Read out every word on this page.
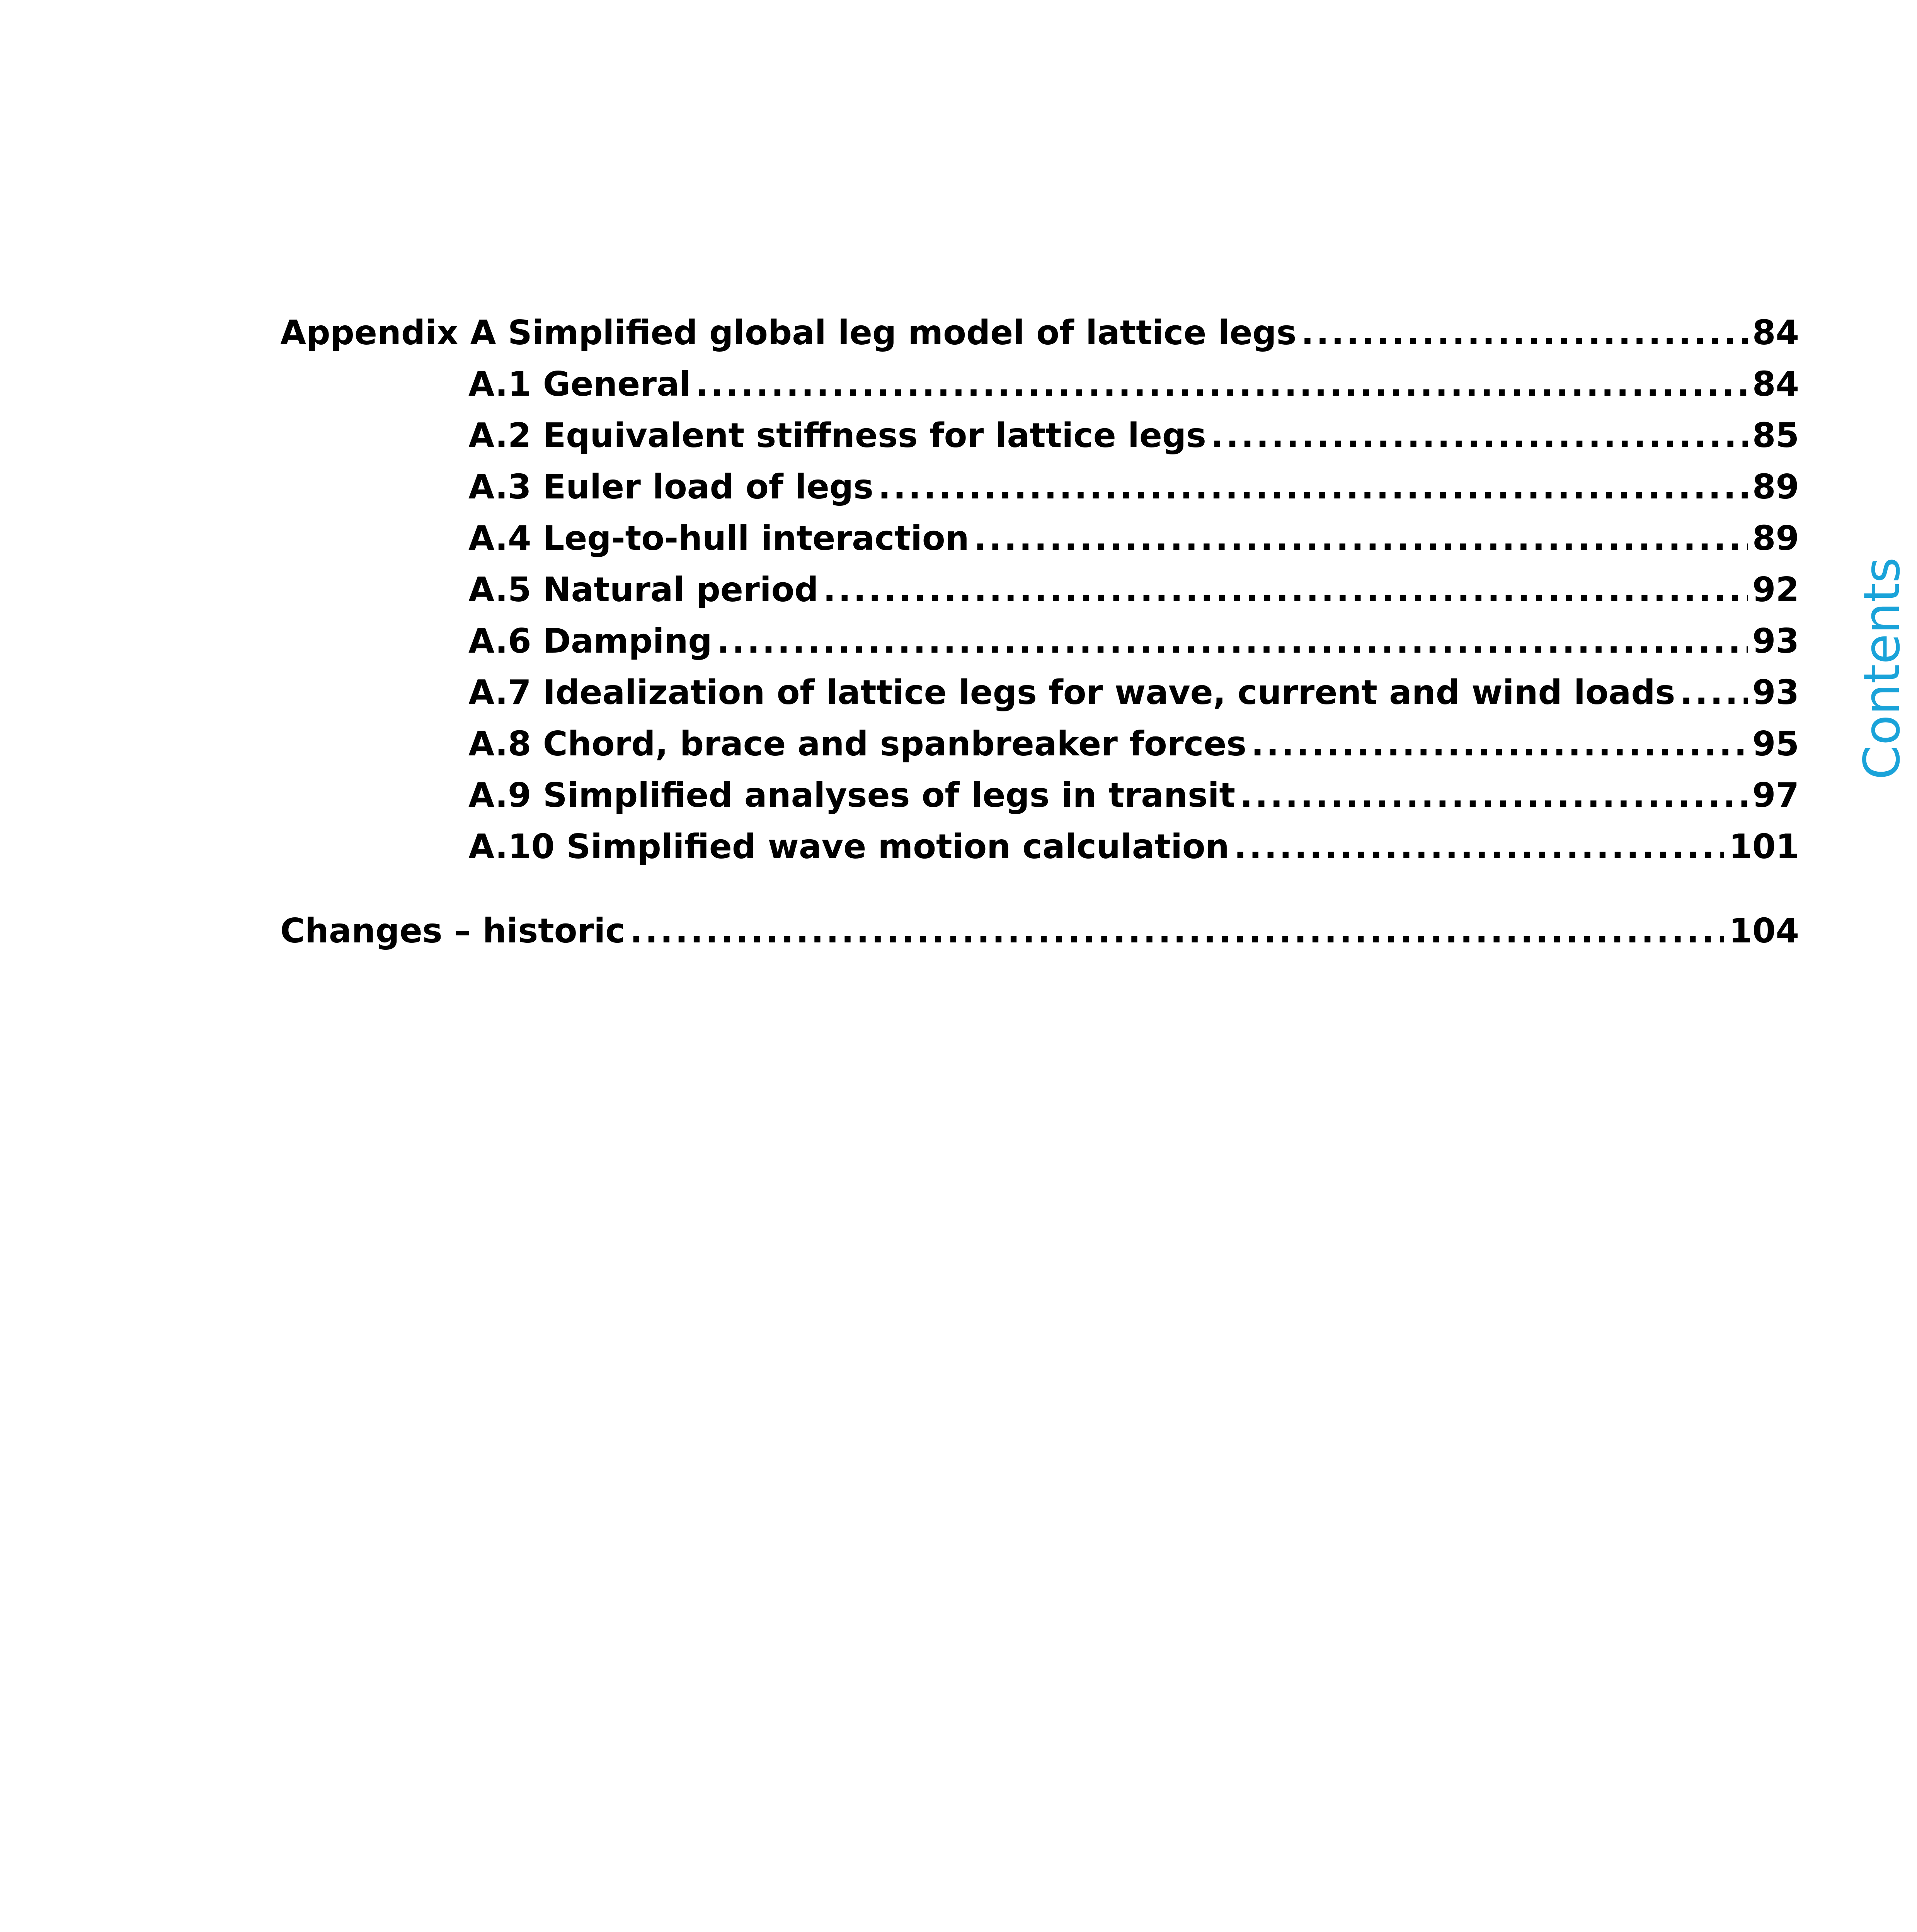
Contents
Appendix A Simplified global leg model of lattice legs .....	84
A.1 General .....	84
A.2 Equivalent stiffness for lattice legs .....	85
A.3 Euler load of legs .....	89
A.4 Leg-to-hull interaction .....	89
A.5 Natural period .....	92
A.6 Damping .....	93
A.7 Idealization of lattice legs for wave, current and wind loads ..... 93
A.8 Chord, brace and spanbreaker forces .....	95
A.9 Simplified analyses of legs in transit .....	97
A.10 Simplified wave motion calculation .....	101
Changes – historic .....	104
